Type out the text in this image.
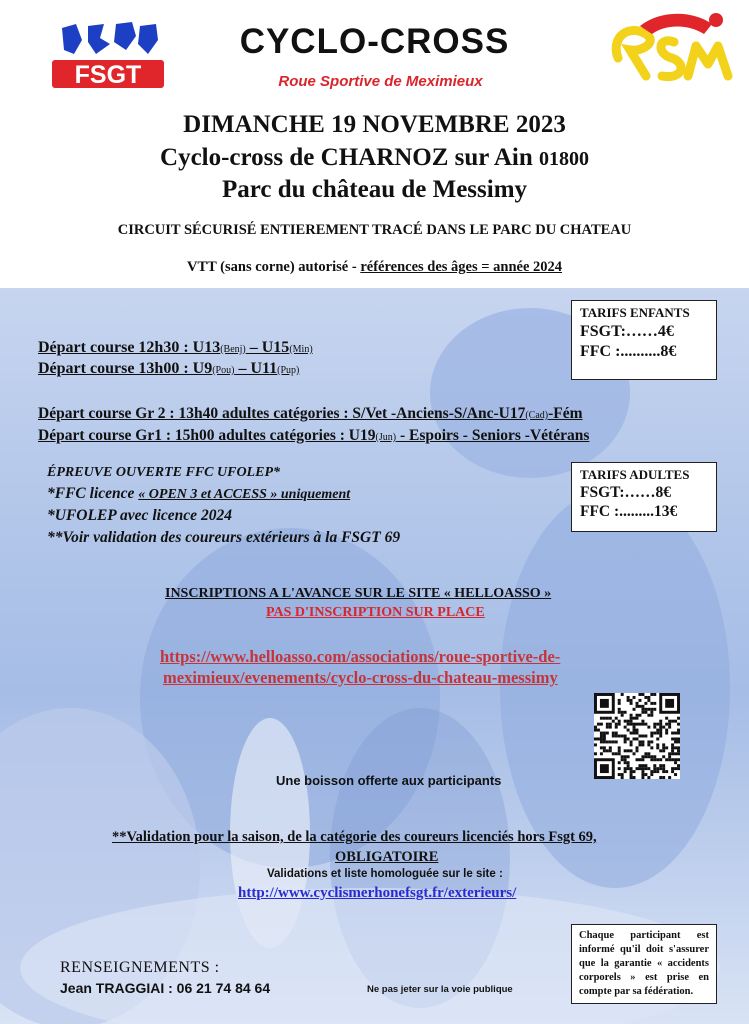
FSGT
CYCLO-CROSS
Roue Sportive de Meximieux
DIMANCHE 19 NOVEMBRE 2023
Cyclo-cross de CHARNOZ sur Ain 01800
Parc du château de Messimy
CIRCUIT SÉCURISÉ ENTIEREMENT TRACÉ DANS LE PARC DU CHATEAU
VTT (sans corne) autorisé - références des âges = année 2024
TARIFS ENFANTS
FSGT:……4€
FFC :..........8€
Départ course 12h30 : U13(Benj) – U15(Min)
Départ course 13h00 : U9(Pou) – U11(Pup)
Départ course Gr 2 : 13h40 adultes catégories : S/Vet -Anciens-S/Anc-U17(Cad)-Fém
Départ course Gr1 : 15h00 adultes catégories : U19(Jun) - Espoirs - Seniors -Vétérans
ÉPREUVE OUVERTE FFC UFOLEP*
*FFC licence « OPEN 3 et ACCESS » uniquement
*UFOLEP avec licence 2024
**Voir validation des coureurs extérieurs à la FSGT 69
TARIFS ADULTES
FSGT:……8€
FFC :.........13€
INSCRIPTIONS A L'AVANCE SUR LE SITE « HELLOASSO »
PAS D'INSCRIPTION SUR PLACE
https://www.helloasso.com/associations/roue-sportive-de-
meximieux/evenements/cyclo-cross-du-chateau-messimy
Une boisson offerte aux participants
**Validation pour la saison, de la catégorie des coureurs licenciés hors Fsgt 69,
OBLIGATOIRE
Validations et liste homologuée sur le site :
http://www.cyclismerhonefsgt.fr/exterieurs/
Chaque participant est informé qu'il doit s'assurer que la garantie « accidents corporels » est prise en compte par sa fédération.
RENSEIGNEMENTS :
Jean TRAGGIAI : 06 21 74 84 64	Ne pas jeter sur la voie publique
